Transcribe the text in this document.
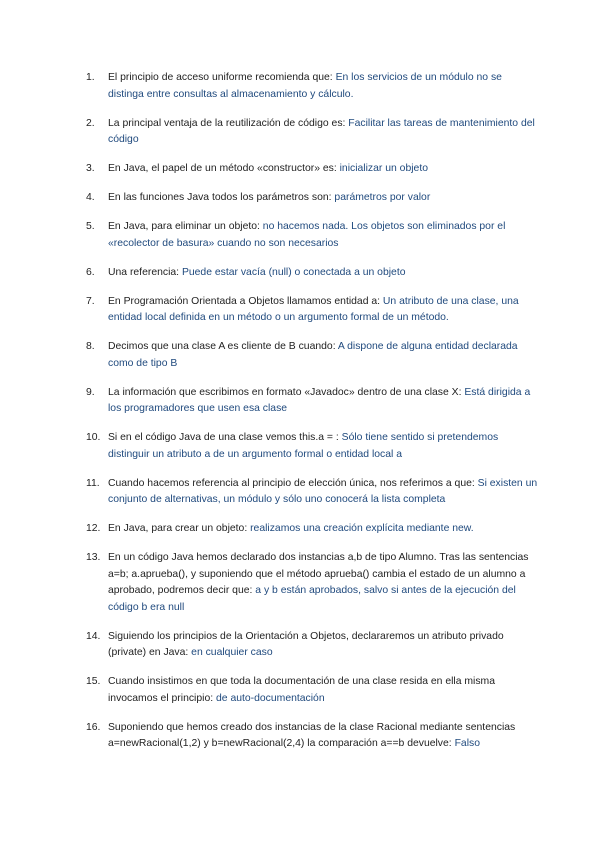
1.	El principio de acceso uniforme recomienda que: En los servicios de un módulo no se distinga entre consultas al almacenamiento y cálculo.
2.	La principal ventaja de la reutilización de código es: Facilitar las tareas de mantenimiento del código
3.	En Java, el papel de un método «constructor» es: inicializar un objeto
4.	En las funciones Java todos los parámetros son: parámetros por valor
5.	En Java, para eliminar un objeto: no hacemos nada. Los objetos son eliminados por el «recolector de basura» cuando no son necesarios
6.	Una referencia: Puede estar vacía (null) o conectada a un objeto
7.	En Programación Orientada a Objetos llamamos entidad a: Un atributo de una clase, una entidad local definida en un método o un argumento formal de un método.
8.	Decimos que una clase A es cliente de B cuando: A dispone de alguna entidad declarada como de tipo B
9.	La información que escribimos en formato «Javadoc» dentro de una clase X: Está dirigida a los programadores que usen esa clase
10. Si en el código Java de una clase vemos this.a = : Sólo tiene sentido si pretendemos distinguir un atributo a de un argumento formal o entidad local a
11. Cuando hacemos referencia al principio de elección única, nos referimos a que: Si existen un conjunto de alternativas, un módulo y sólo uno conocerá la lista completa
12. En Java, para crear un objeto: realizamos una creación explícita mediante new.
13. En un código Java hemos declarado dos instancias a,b de tipo Alumno. Tras las sentencias a=b; a.aprueba(), y suponiendo que el método aprueba() cambia el estado de un alumno a aprobado, podremos decir que: a y b están aprobados, salvo si antes de la ejecución del código b era null
14. Siguiendo los principios de la Orientación a Objetos, declararemos un atributo privado (private) en Java: en cualquier caso
15. Cuando insistimos en que toda la documentación de una clase resida en ella misma invocamos el principio: de auto-documentación
16. Suponiendo que hemos creado dos instancias de la clase Racional mediante sentencias a=newRacional(1,2) y b=newRacional(2,4) la comparación a==b devuelve: Falso
